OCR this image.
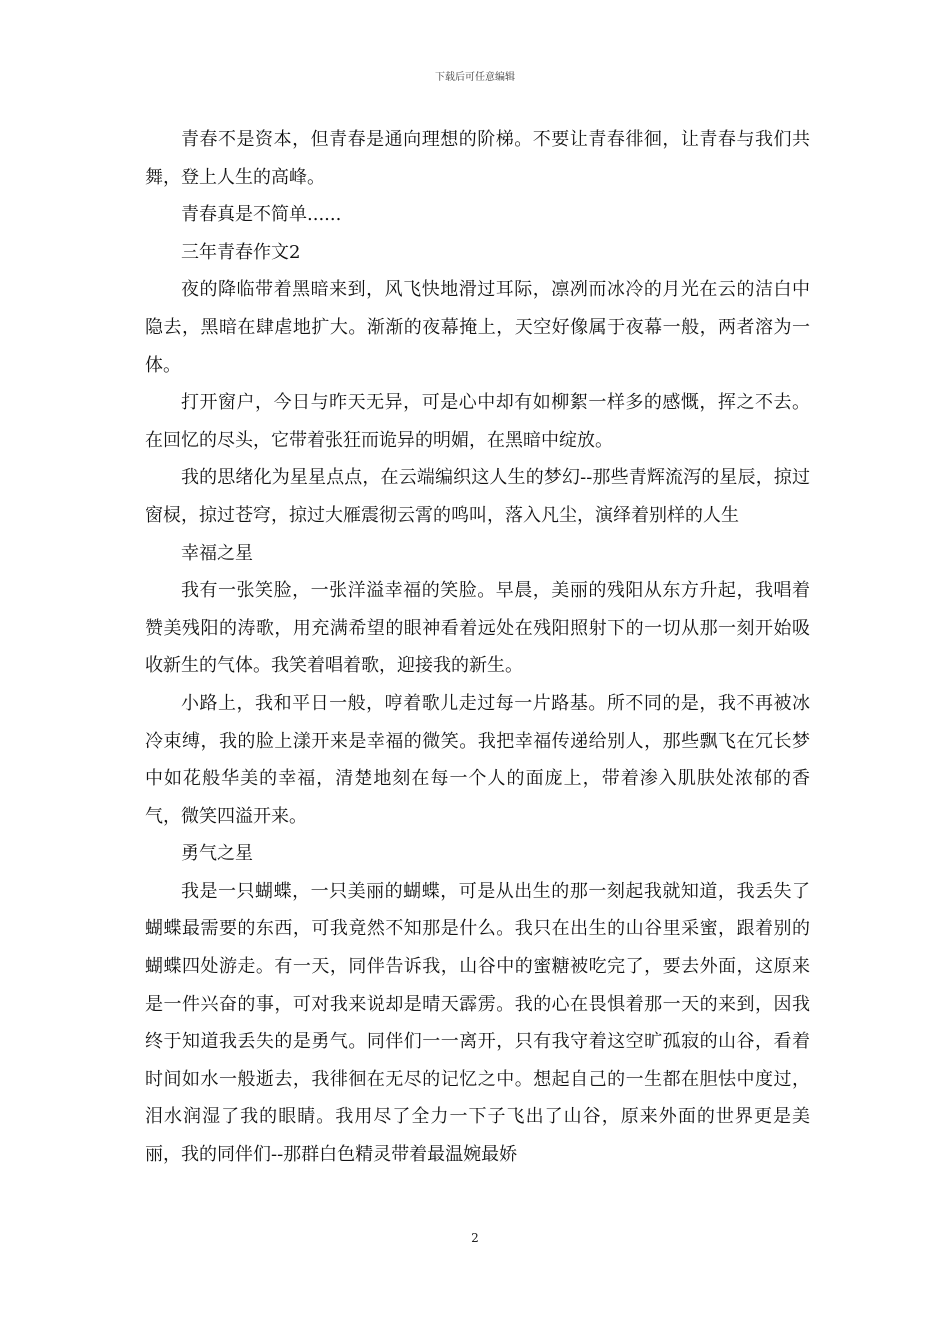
下载后可任意编辑

青春不是资本，但青春是通向理想的阶梯。不要让青春徘徊，让青春与我们共舞，登上人生的高峰。

青春真是不简单......

三年青春作文2

夜的降临带着黑暗来到，风飞快地滑过耳际，凛冽而冰冷的月光在云的洁白中隐去，黑暗在肆虐地扩大。渐渐的夜幕掩上，天空好像属于夜幕一般，两者溶为一体。

打开窗户，今日与昨天无异，可是心中却有如柳絮一样多的感慨，挥之不去。在回忆的尽头，它带着张狂而诡异的明媚，在黑暗中绽放。

我的思绪化为星星点点，在云端编织这人生的梦幻--那些青辉流泻的星辰，掠过窗棂，掠过苍穹，掠过大雁震彻云霄的鸣叫，落入凡尘，演绎着别样的人生

幸福之星

我有一张笑脸，一张洋溢幸福的笑脸。早晨，美丽的残阳从东方升起，我唱着赞美残阳的涛歌，用充满希望的眼神看着远处在残阳照射下的一切从那一刻开始吸收新生的气体。我笑着唱着歌，迎接我的新生。

小路上，我和平日一般，哼着歌儿走过每一片路基。所不同的是，我不再被冰冷束缚，我的脸上漾开来是幸福的微笑。我把幸福传递给别人，那些飘飞在冗长梦中如花般华美的幸福，清楚地刻在每一个人的面庞上，带着渗入肌肤处浓郁的香气，微笑四溢开来。

勇气之星

我是一只蝴蝶，一只美丽的蝴蝶，可是从出生的那一刻起我就知道，我丢失了蝴蝶最需要的东西，可我竟然不知那是什么。我只在出生的山谷里采蜜，跟着别的蝴蝶四处游走。有一天，同伴告诉我，山谷中的蜜糖被吃完了，要去外面，这原来是一件兴奋的事，可对我来说却是晴天霹雳。我的心在畏惧着那一天的来到，因我终于知道我丢失的是勇气。同伴们一一离开，只有我守着这空旷孤寂的山谷，看着时间如水一般逝去，我徘徊在无尽的记忆之中。想起自己的一生都在胆怯中度过，泪水润湿了我的眼睛。我用尽了全力一下子飞出了山谷，原来外面的世界更是美丽，我的同伴们--那群白色精灵带着最温婉最娇

2
